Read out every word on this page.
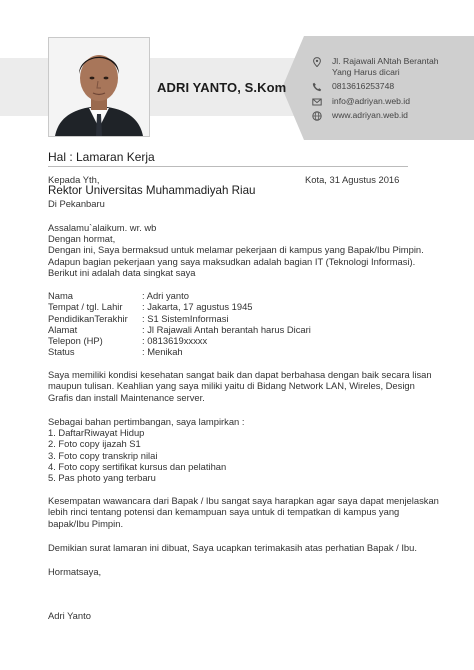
ADRI YANTO, S.Kom
Jl. Rajawali ANtah Berantah
Yang Harus dicari
0813616253748
info@adriyan.web.id
www.adriyan.web.id
Hal : Lamaran Kerja
Kepada Yth,	Kota, 31 Agustus 2016
Rektor Universitas Muhammadiyah Riau
Di Pekanbaru
Assalamu`alaikum. wr. wb
Dengan hormat,
Dengan ini, Saya bermaksud untuk melamar pekerjaan di kampus yang Bapak/Ibu Pimpin.
Adapun bagian pekerjaan yang saya maksudkan adalah bagian IT (Teknologi Informasi).
Berikut ini adalah data singkat saya
Nama
Tempat / tgl. Lahir
PendidikanTerakhir
Alamat
Telepon (HP)
Status
: Adri yanto
: Jakarta, 17 agustus 1945
: S1 SistemInformasi
: Jl Rajawali Antah berantah harus Dicari
: 0813619xxxxx
: Menikah
Saya memiliki kondisi kesehatan sangat baik dan dapat berbahasa dengan baik secara lisan
maupun tulisan. Keahlian yang saya miliki yaitu di Bidang Network LAN, Wireles, Design
Grafis dan install Maintenance server.
Sebagai bahan pertimbangan, saya lampirkan :
1. DaftarRiwayat Hidup
2. Foto copy ijazah S1
3. Foto copy transkrip nilai
4. Foto copy sertifikat kursus dan pelatihan
5. Pas photo yang terbaru
Kesempatan wawancara dari Bapak / Ibu sangat saya harapkan agar saya dapat menjelaskan
lebih rinci tentang potensi dan kemampuan saya untuk di tempatkan di kampus yang
bapak/Ibu Pimpin.
Demikian surat lamaran ini dibuat, Saya ucapkan terimakasih atas perhatian Bapak / Ibu.
Hormatsaya,
Adri Yanto
